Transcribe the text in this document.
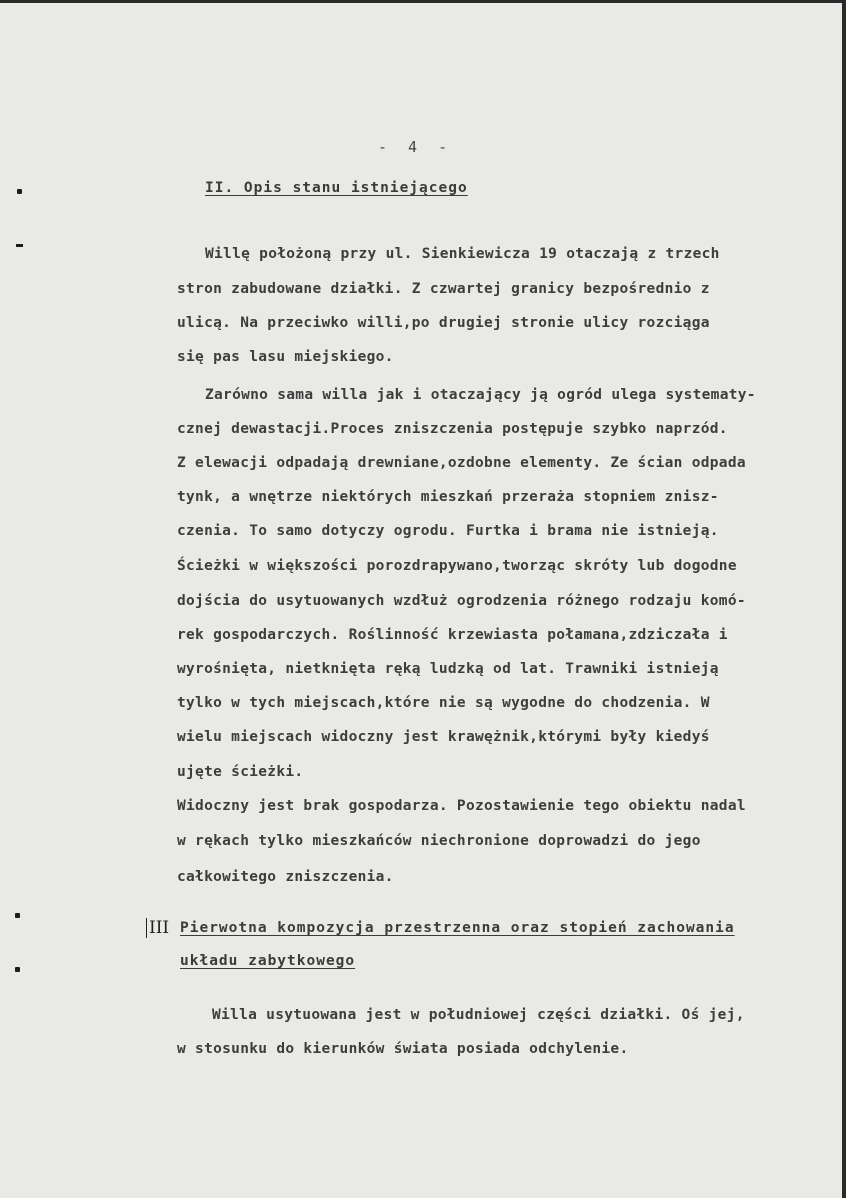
- 4 -
II. Opis stanu istniejącego
Willę położoną przy ul. Sienkiewicza 19 otaczają z trzech
stron zabudowane działki. Z czwartej granicy bezpośrednio z
ulicą. Na przeciwko willi,po drugiej stronie ulicy rozciąga
się pas lasu miejskiego.
Zarówno sama willa jak i otaczający ją ogród ulega systematy-
cznej dewastacji.Proces zniszczenia postępuje szybko naprzód.
Z elewacji odpadają drewniane,ozdobne elementy. Ze ścian odpada
tynk, a wnętrze niektórych mieszkań przeraża stopniem znisz-
czenia. To samo dotyczy ogrodu. Furtka i brama nie istnieją.
Ścieżki w większości porozdrapywano,tworząc skróty lub dogodne
dojścia do usytuowanych wzdłuż ogrodzenia różnego rodzaju komó-
rek gospodarczych. Roślinność krzewiasta połamana,zdziczała i
wyrośnięta, nietknięta ręką ludzką od lat. Trawniki istnieją
tylko w tych miejscach,które nie są wygodne do chodzenia. W
wielu miejscach widoczny jest krawężnik,którymi były kiedyś
ujęte ścieżki.
Widoczny jest brak gospodarza. Pozostawienie tego obiektu nadal
w rękach tylko mieszkańców niechronione doprowadzi do jego
całkowitego zniszczenia.
III Pierwotna kompozycja przestrzenna oraz stopień zachowania
układu zabytkowego
Willa usytuowana jest w południowej części działki. Oś jej,
w stosunku do kierunków świata posiada odchylenie.
